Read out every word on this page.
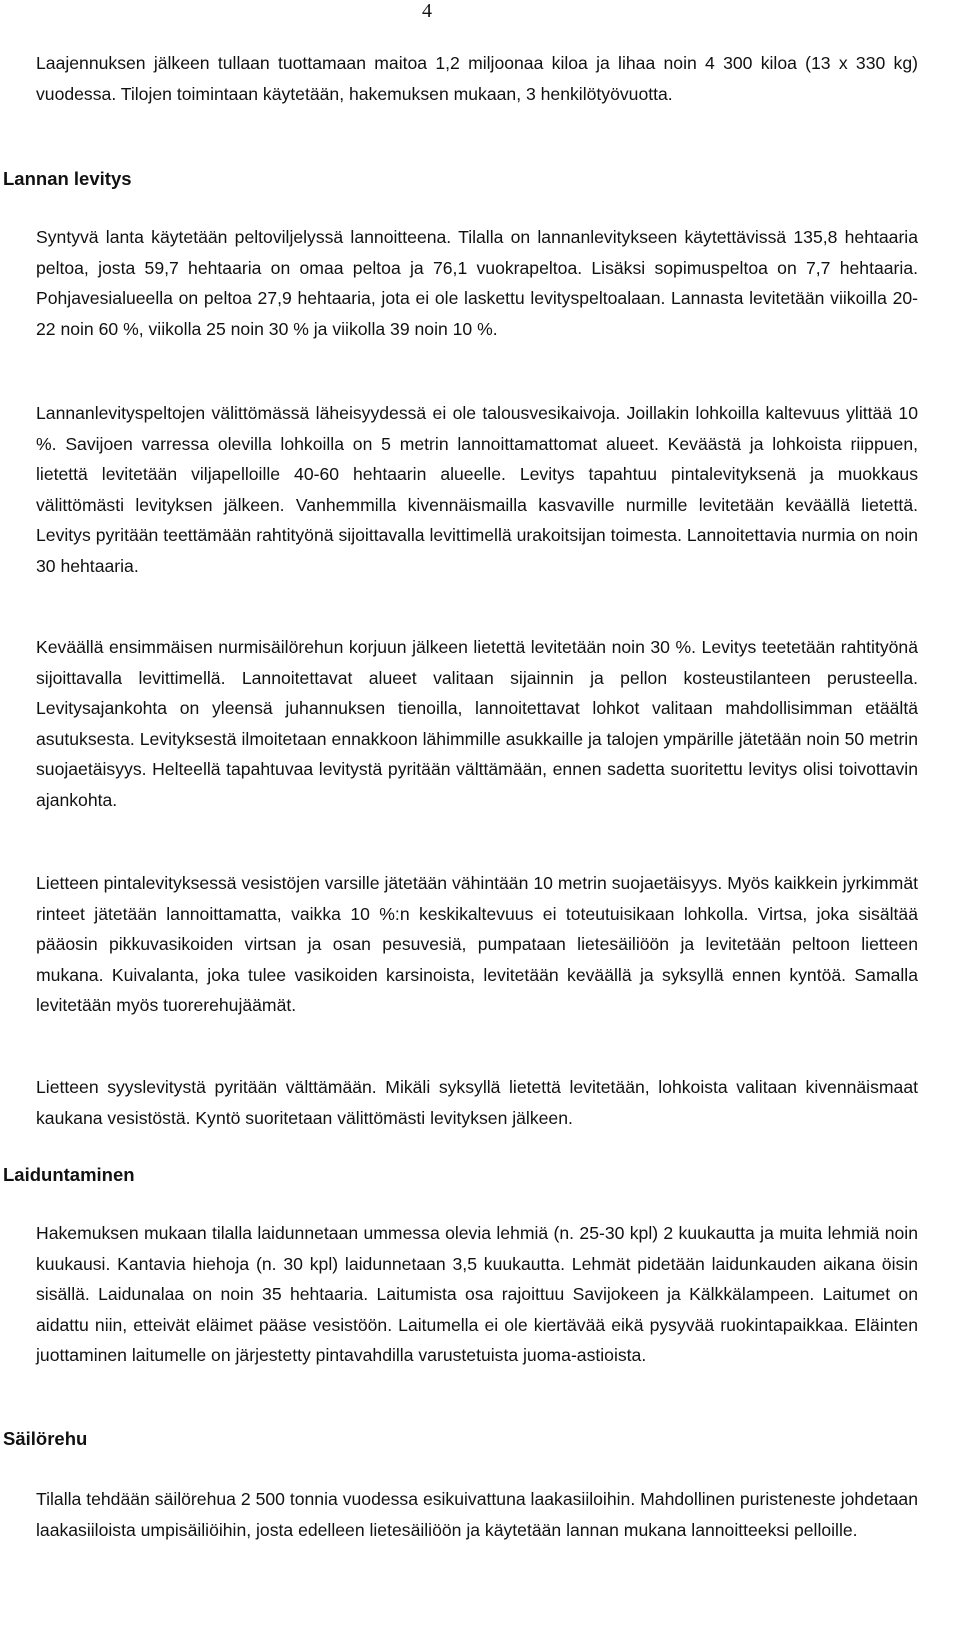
4

Laajennuksen jälkeen tullaan tuottamaan maitoa 1,2 miljoonaa kiloa ja lihaa noin 4 300 kiloa (13 x 330 kg) vuodessa. Tilojen toimintaan käytetään, hakemuksen mukaan, 3 henkilötyövuotta.

Lannan levitys

Syntyvä lanta käytetään peltoviljelyssä lannoitteena. Tilalla on lannanlevitykseen käytettävissä 135,8 hehtaaria peltoa, josta 59,7 hehtaaria on omaa peltoa ja 76,1 vuokrapeltoa. Lisäksi sopimuspeltoa on 7,7 hehtaaria. Pohjavesialueella on peltoa 27,9 hehtaaria, jota ei ole laskettu levityspeltoalaan. Lannasta levitetään viikoilla 20-22 noin 60 %, viikolla 25 noin 30 % ja viikolla 39 noin 10 %.

Lannanlevityspeltojen välittömässä läheisyydessä ei ole talousvesikaivoja. Joillakin lohkoilla kaltevuus ylittää 10 %. Savijoen varressa olevilla lohkoilla on 5 metrin lannoittamattomat alueet. Keväästä ja lohkoista riippuen, lietettä levitetään viljapelloille 40-60 hehtaarin alueelle. Levitys tapahtuu pintalevityksenä ja muokkaus välittömästi levityksen jälkeen. Vanhemmilla kivennäismailla kasvaville nurmille levitetään keväällä lietettä. Levitys pyritään teettämään rahtityönä sijoittavalla levittimellä urakoitsijan toimesta. Lannoitettavia nurmia on noin 30 hehtaaria.

Keväällä ensimmäisen nurmisäilörehun korjuun jälkeen lietettä levitetään noin 30 %. Levitys teetetään rahtityönä sijoittavalla levittimellä. Lannoitettavat alueet valitaan sijainnin ja pellon kosteustilanteen perusteella. Levitysajankohta on yleensä juhannuksen tienoilla, lannoitettavat lohkot valitaan mahdollisimman etäältä asutuksesta. Levityksestä ilmoitetaan ennakkoon lähimmille asukkaille ja talojen ympärille jätetään noin 50 metrin suojaetäisyys. Helteellä tapahtuvaa levitystä pyritään välttämään, ennen sadetta suoritettu levitys olisi toivottavin ajankohta.

Lietteen pintalevityksessä vesistöjen varsille jätetään vähintään 10 metrin suojaetäisyys. Myös kaikkein jyrkimmät rinteet jätetään lannoittamatta, vaikka 10 %:n keskikaltevuus ei toteutuisikaan lohkolla. Virtsa, joka sisältää pääosin pikkuvasikoiden virtsan ja osan pesuvesiä, pumpataan lietesäiliöön ja levitetään peltoon lietteen mukana. Kuivalanta, joka tulee vasikoiden karsinoista, levitetään keväällä ja syksyllä ennen kyntöä. Samalla levitetään myös tuorerehujäämät.

Lietteen syyslevitystä pyritään välttämään. Mikäli syksyllä lietettä levitetään, lohkoista valitaan kivennäismaat kaukana vesistöstä. Kyntö suoritetaan välittömästi levityksen jälkeen.

Laiduntaminen

Hakemuksen mukaan tilalla laidunnetaan ummessa olevia lehmiä (n. 25-30 kpl) 2 kuukautta ja muita lehmiä noin kuukausi. Kantavia hiehoja (n. 30 kpl) laidunnetaan 3,5 kuukautta. Lehmät pidetään laidunkauden aikana öisin sisällä. Laidunalaa on noin 35 hehtaaria. Laitumista osa rajoittuu Savijokeen ja Kälkkälampeen. Laitumet on aidattu niin, etteivät eläimet pääse vesistöön. Laitumella ei ole kiertävää eikä pysyvää ruokintapaikkaa. Eläinten juottaminen laitumelle on järjestetty pintavahdilla varustetuista juoma-astioista.

Säilörehu

Tilalla tehdään säilörehua 2 500 tonnia vuodessa esikuivattuna laakasiiloihin. Mahdollinen puristeneste johdetaan laakasiiloista umpisäiliöihin, josta edelleen lietesäiliöön ja käytetään lannan mukana lannoitteeksi pelloille.
